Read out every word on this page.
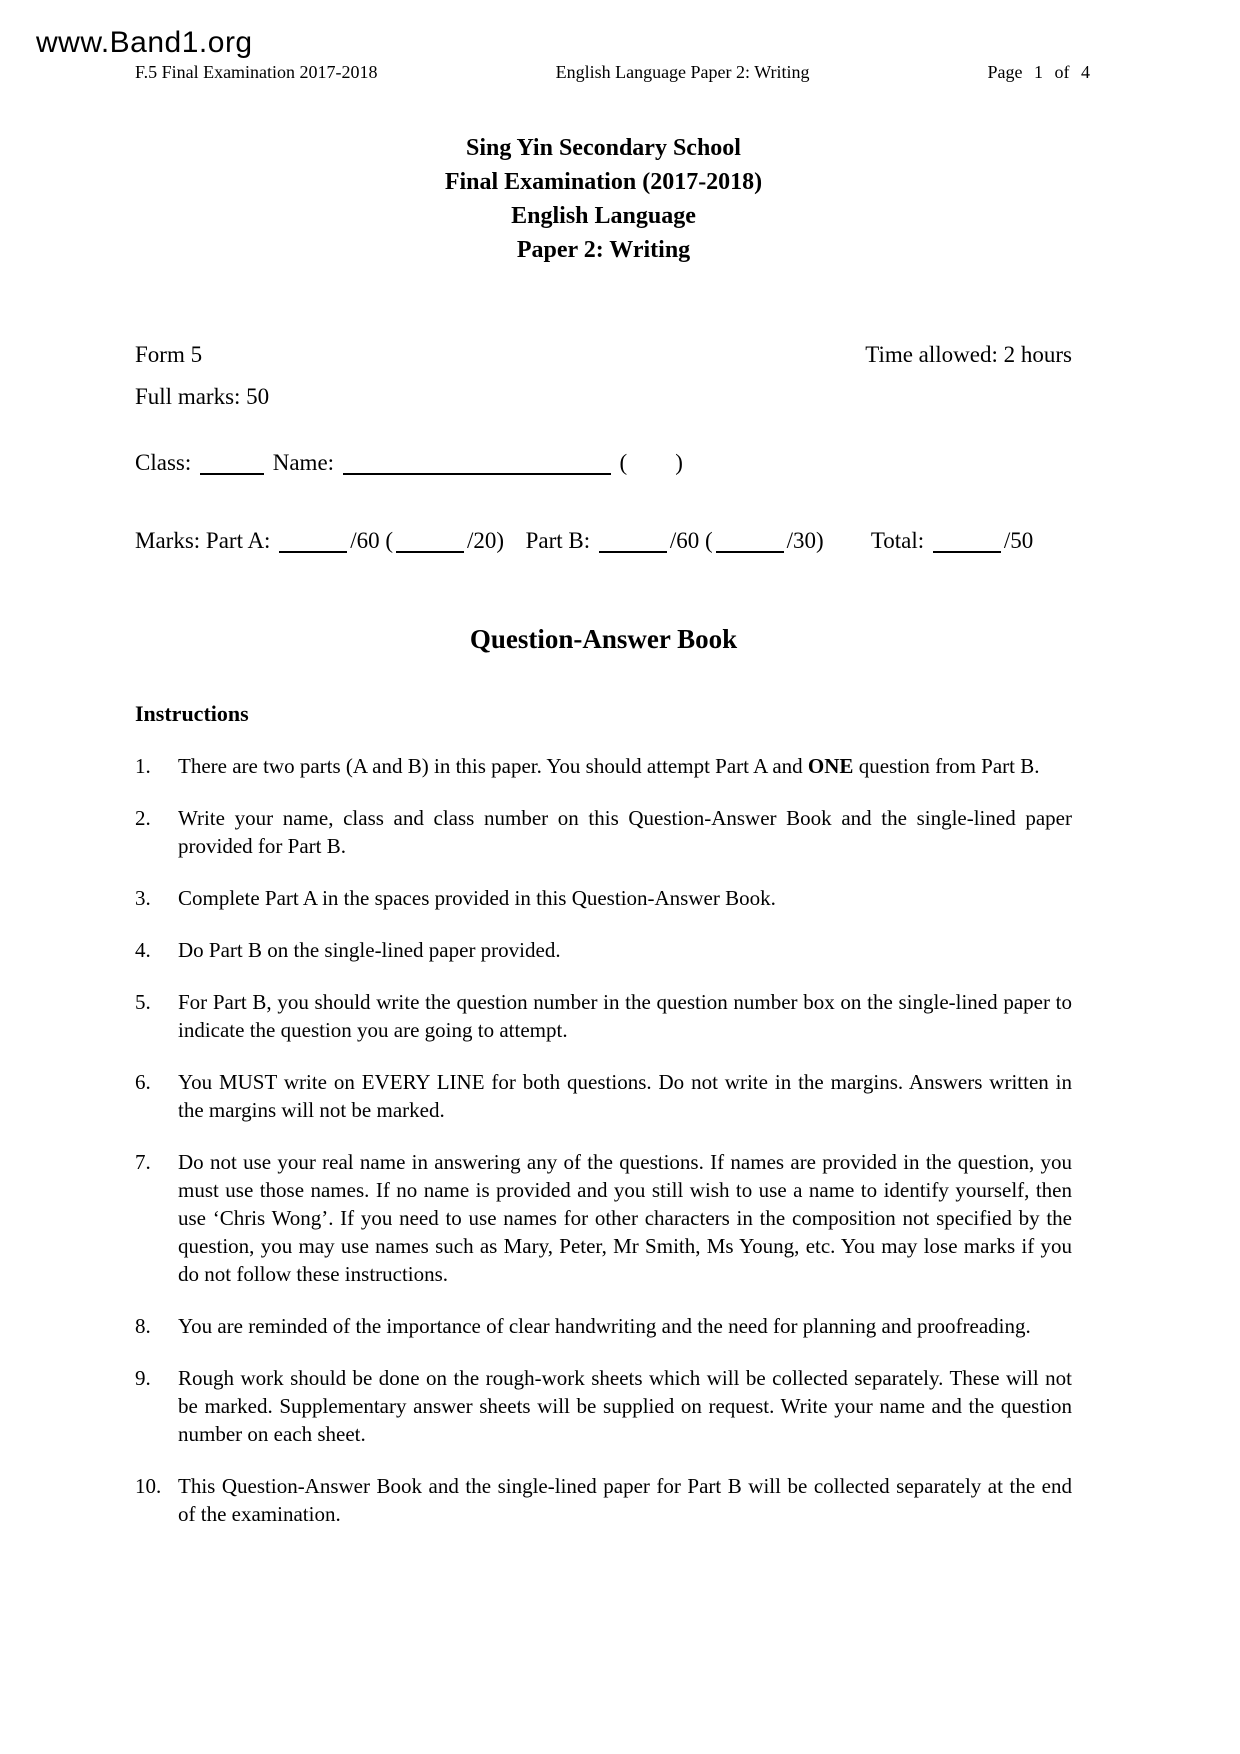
www.Band1.org
F.5 Final Examination 2017-2018	English Language Paper 2: Writing	Page 1 of 4
Sing Yin Secondary School
Final Examination (2017-2018)
English Language
Paper 2: Writing
Form 5	Time allowed: 2 hours
Full marks: 50
Class:	Name:	( )
Marks: Part A:	/60 (	/20) Part B:	/60 (	/30) Total:	/50
Question-Answer Book
Instructions
1.	There are two parts (A and B) in this paper. You should attempt Part A and ONE question from Part B.
2.	Write your name, class and class number on this Question-Answer Book and the single-lined paper provided for Part B.
3.	Complete Part A in the spaces provided in this Question-Answer Book.
4.	Do Part B on the single-lined paper provided.
5.	For Part B, you should write the question number in the question number box on the single-lined paper to indicate the question you are going to attempt.
6.	You MUST write on EVERY LINE for both questions. Do not write in the margins. Answers written in the margins will not be marked.
7.	Do not use your real name in answering any of the questions. If names are provided in the question, you must use those names. If no name is provided and you still wish to use a name to identify yourself, then use ‘Chris Wong’. If you need to use names for other characters in the composition not specified by the question, you may use names such as Mary, Peter, Mr Smith, Ms Young, etc. You may lose marks if you do not follow these instructions.
8.	You are reminded of the importance of clear handwriting and the need for planning and proofreading.
9.	Rough work should be done on the rough-work sheets which will be collected separately. These will not be marked. Supplementary answer sheets will be supplied on request. Write your name and the question number on each sheet.
10. This Question-Answer Book and the single-lined paper for Part B will be collected separately at the end of the examination.
